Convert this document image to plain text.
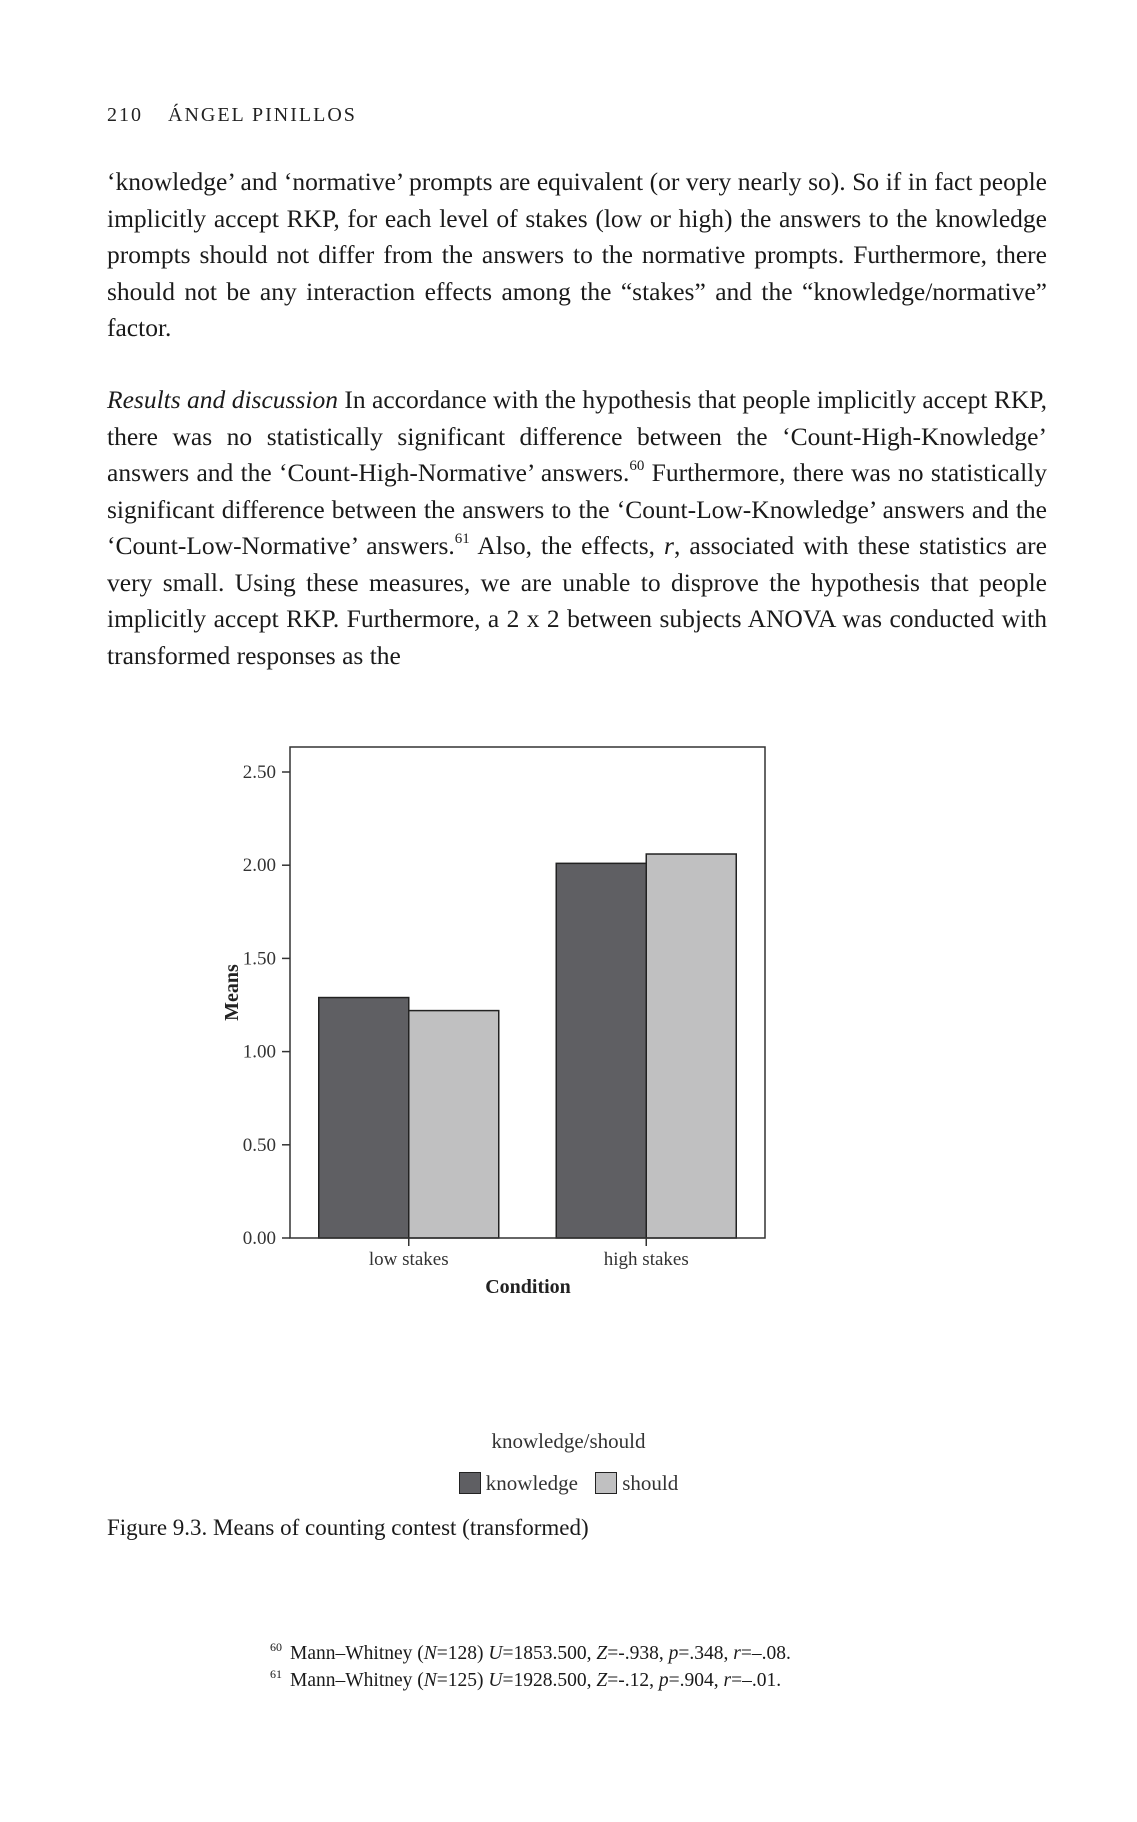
210 ÁNGEL PINILLOS

‘knowledge’ and ‘normative’ prompts are equivalent (or very nearly so). So if in fact people implicitly accept RKP, for each level of stakes (low or high) the answers to the knowledge prompts should not differ from the answers to the normative prompts. Furthermore, there should not be any interaction effects among the “stakes” and the “knowledge/normative” factor.

Results and discussion In accordance with the hypothesis that people implicitly accept RKP, there was no statistically significant difference between the ‘Count-High-Knowledge’ answers and the ‘Count-High-Normative’ answers.$^{60}$ Furthermore, there was no statistically significant difference between the answers to the ‘Count-Low-Knowledge’ answers and the ‘Count-Low-Normative’ answers.$^{61}$ Also, the effects, r, associated with these statistics are very small. Using these measures, we are unable to disprove the hypothesis that people implicitly accept RKP. Furthermore, a 2 x 2 between subjects ANOVA was conducted with transformed responses as the

0.00
0.50
1.00
1.50
2.00
2.50
low stakes	high stakes
Means
Condition
knowledge/should
knowledge should
Figure 9.3. Means of counting contest (transformed)
$^{60}$ Mann–Whitney (N=128) U=1853.500, Z=-.938, p=.348, r=–.08.
$^{61}$ Mann–Whitney (N=125) U=1928.500, Z=-.12, p=.904, r=–.01.
